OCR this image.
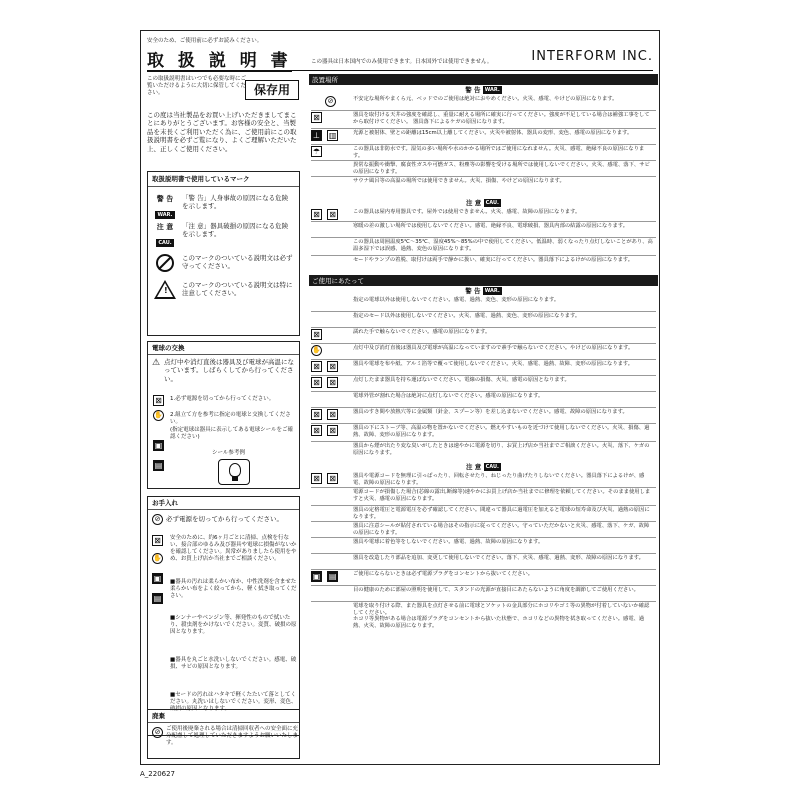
安全のため、ご使用前に必ずお読みください。
取 扱 説 明 書	この器具は日本国内でのみ使用できます。日本国外では使用できません。	INTERFORM INC.
この取扱説明書はいつでも必要な時にご覧いただけるように大切に保管してください。	保存用
この度は当社製品をお買い上げいただきましてまことにありがとうございます。お客様の安全と、当製品を末長くご利用いただく為に、ご使用前にこの取扱説明書を必ずご覧になり、よくご理解いただいた上、正しくご使用ください。
取扱説明書で使用しているマーク
警 告
WAR.
「警 告」人身事故の原因になる危険を示します。
注 意
CAU.
「注 意」器具破損の原因になる危険を示します。
このマークのついている説明文は必ず守ってください。
!
このマークのついている説明文は特に注意してください。
電球の交換
⚠ 点灯中や消灯直後は器具及び電球が高温になっています。しばらくしてから行ってください。
⊠	1.必ず電源を切ってから行ってください。
✋ 2.組立て方を参考に指定の電球と交換してください。
(指定電球は器具に表示してある電球シールをご確認ください)
▣
▤
シール参考例
お手入れ
⊘ 必ず電源を切ってから行ってください。
⊠
✋
▣
▤
安全のために、約6ヶ月ごとに清掃、点検を行ない、接合部のゆるみ及び器具や電球に損傷がないかを確認してください。異常がありましたら使用をやめ、お買上げ店か当社までご相談ください。
■器具の汚れは柔らかい布か、中性洗剤を含ませた柔らかい布をよく絞ってから、軽く拭き取ってください。
■シンナーやベンジン等、揮発性のもので拭いたり、殺虫剤をかけないでください。変質、破損の原因となります。
■器具を丸ごと水洗いしないでください。感電、破損、サビの原因となります。
■セードの汚れはハタキで軽くたたいて落としてください。丸洗いはしないでください。変形、変色、破損の原因となります。
廃棄
⊘	ご使用後廃棄される場合は清掃回収者への安全面に充分配慮して処理していただきますようお願いいたします。
設置場所
警 告 WAR.
⊘	不安定な場所やまくら元、ベッドでのご使用は絶対におやめください。火災、感電、やけどの原因になります。
⊠	器具を取付ける天井の強度を確認し、重量に耐える場所に確実に行ってください。強度が不足している場合は補強工事をしてから取付けてください。 器具落下によるケガの原因になります。
⊥ ▥	光源と被射体、壁との距離は15cm以上離してください。火災や被射体、器具の変形、変色、感電の原因になります。
☂	この器具は非防水です。湿気の多い場所や水のかかる場所ではご使用になれません。火災、感電、絶縁不良の原因になります。
異常な振動や衝撃、腐食性ガスや可燃ガス、粉塵等の影響を受ける場所では使用しないでください。火災、感電、落下、サビの原因になります。
サウナ風呂等の高温の場所では使用できません。火災、損傷、やけどの原因になります。
注 意 CAU.
⊠ ⊠	この器具は屋内専用器具です。屋外では使用できません。火災、感電、故障の原因になります。
寒暖の差の激しい場所では使用しないでください。感電、絶縁不良、電球破損、器具内部の結露の原因になります。
この器具は周囲温度5℃～35℃、湿度45%～85%の中で使用してください。低温時、弱くなったり点灯しないことがあり、高温多湿下では誤感、過熱、変色の原因になります。
セードやランプの着脱、取付けは両手で静かに扱い、確実に行ってください。器具落下によるけがの原因になります。
ご使用にあたって
警 告 WAR.
指定の電球以外は使用しないでください。感電、過熱、変色、変形の原因になります。
指定のセード以外は使用しないでください。火災、感電、過熱、変色、変形の原因になります。
⊠	濡れた手で触らないでください。感電の原因になります。
✋	点灯中及び消灯直後は器具及び電球が高温になっていますので素手で触らないでください。やけどの原因になります。
⊠ ⊠	器具や電球を布や紙、アルミ箔等で覆って使用しないでください。火災、感電、過熱、故障、変形の原因になります。
⊠ ⊠	点灯したまま器具を持ち運ばないでください。電線の損傷、火災、感電の原因となります。
電球外管が割れた場合は絶対に点灯しないでください。感電の原因になります。
⊠ ⊠	器具のすき間や放熱穴等に金属類（針金、スプーン等）を差し込まないでください。感電、故障の原因になります。
⊠ ⊠	器具の下にストーブ等、高温の物を置かないでください。燃えやすいものを近づけて使用しないでください。火災、損傷、過熱、故障、変形の原因になります。
器具から煙が出たり変な臭いがしたときは速やかに電源を切り、お買上げ店か当社までご相談ください。火災、落下、ケガの原因になります。
注 意 CAU.
⊠ ⊠	器具や電源コードを無理に引っぱったり、回転させたり、ねじったり曲げたりしないでください。器具落下によるけが、感電、故障の原因になります。
電源コードが損傷した場合(芯線の露出,断線等)速やかにお買上げ店か当社までに修理を依頼してください。そのまま使用しますと火災、感電の原因になります。
器具の定格電圧と電源電圧を必ず確認してください。間違って器具に過電圧を加えると電球の短寿命及び火災、過熱の原因になります。
器具に注意シールが貼付されている場合はその指示に従ってください。守っていただかないと火災、感電、落下、ケガ、故障の原因になります。
器具や電球に着色等をしないでください。感電、過熱、故障の原因になります。
器具を改造したり部品を追加、変更して使用しないでください。落下、火災、感電、過熱、変形、故障の原因になります。
▣ ▤	ご使用にならないときは必ず電源プラグをコンセントから抜いてください。
目の健康のために部屋の照明を使用して、スタンドの光源が直接目にあたらないように角度を調節してご使用ください。
電球を取り付ける際、また器具を点灯させる前に電球とソケットの金具部分にホコリやゴミ等の異物が付着していないか確認してください。
ホコリ等異物がある場合は電源プラグをコンセントから抜いた状態で、ホコリなどの異物を拭き取ってください。感電、過熱、火災、故障の原因になります。
A_220627
